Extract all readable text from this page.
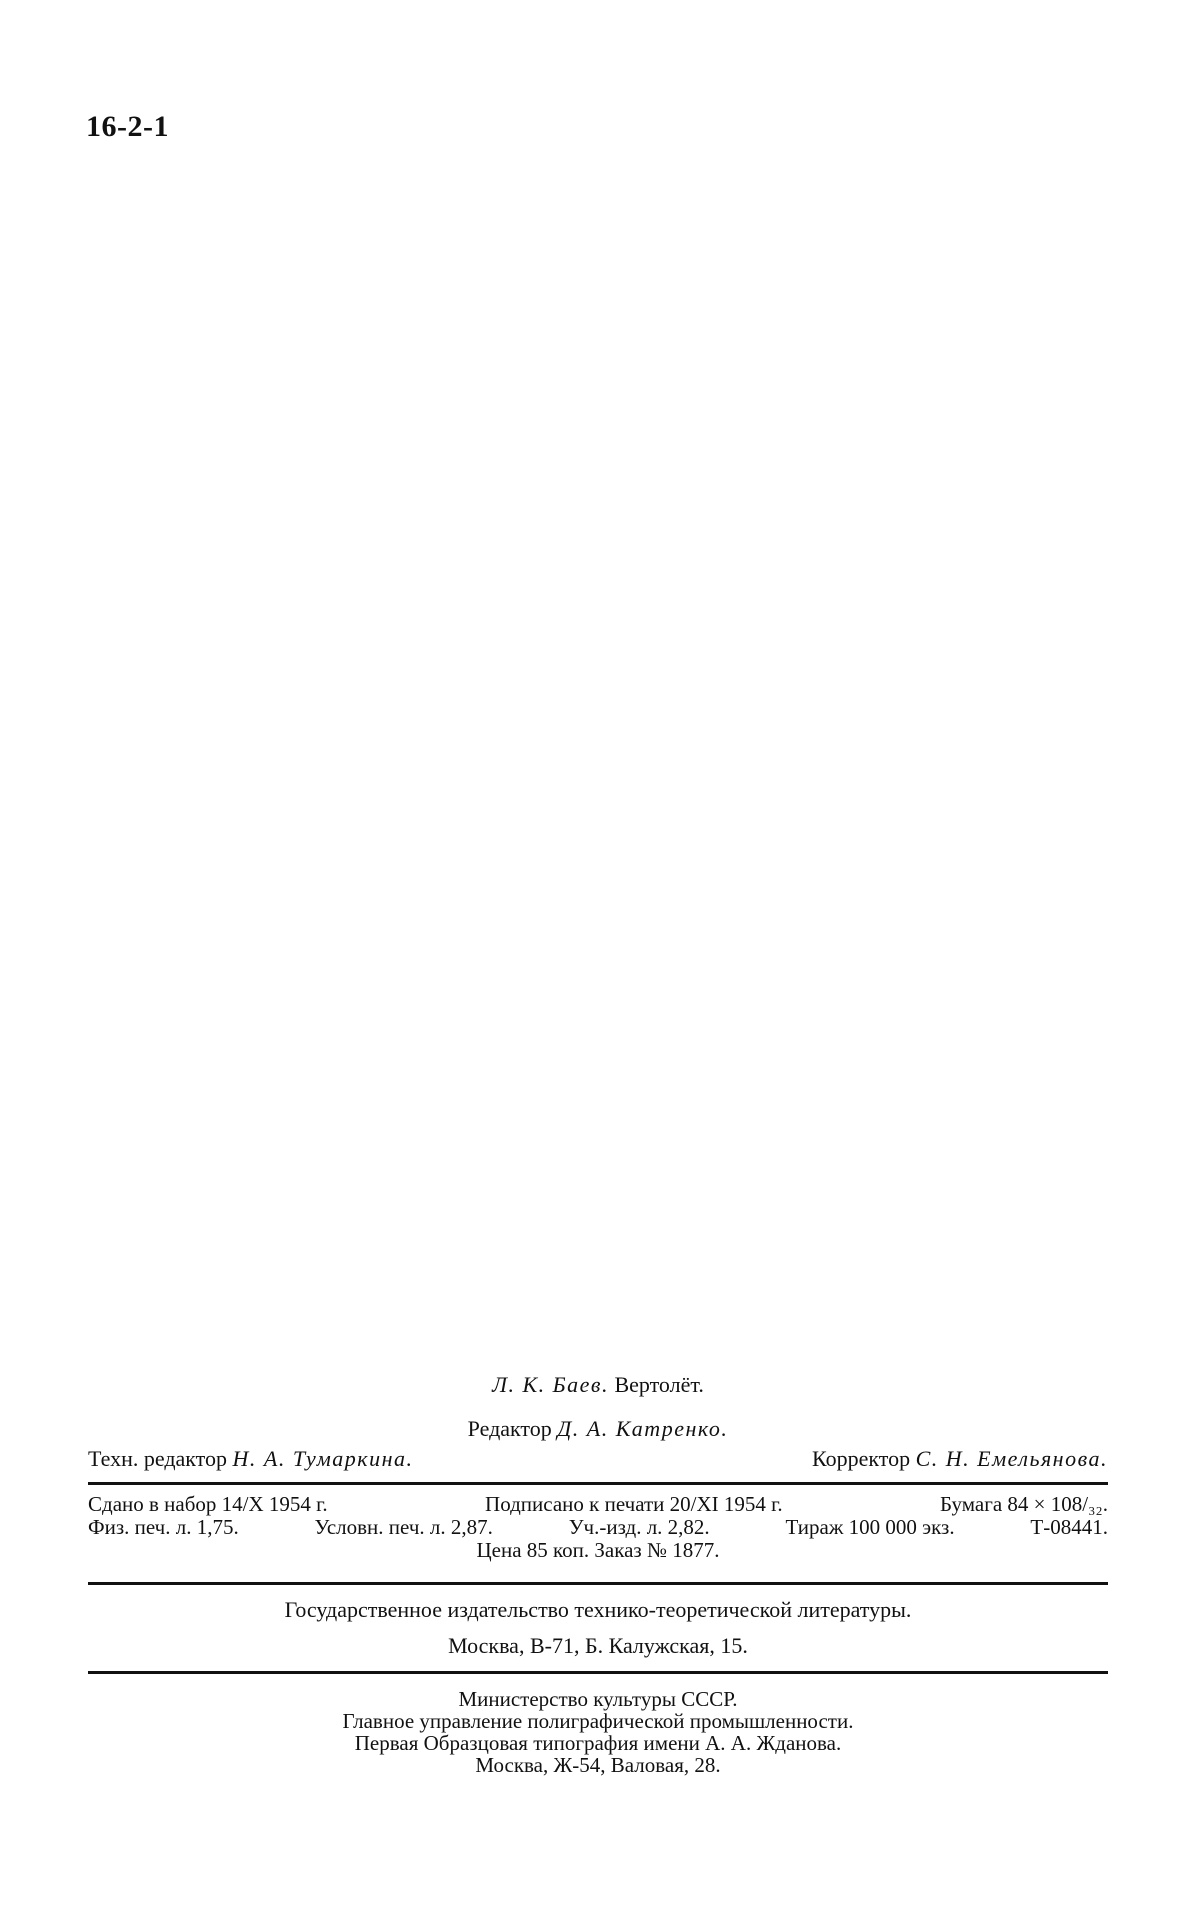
16-2-1
Л. К. Баев. Вертолёт.
Редактор Д. А. Катренко.
Техн. редактор Н. А. Тумаркина.	Корректор С. Н. Емельянова.
Сдано в набор 14/X 1954 г.	Подписано к печати 20/XI 1954 г.	Бумага 84 × 108/₃₂.
Физ. печ. л. 1,75.	Условн. печ. л. 2,87.	Уч.-изд. л. 2,82.	Тираж 100 000 экз.	Т-08441.
Цена 85 коп. Заказ № 1877.
Государственное издательство технико-теоретической литературы.
Москва, В-71, Б. Калужская, 15.
Министерство культуры СССР.
Главное управление полиграфической промышленности.
Первая Образцовая типография имени А. А. Жданова.
Москва, Ж-54, Валовая, 28.
